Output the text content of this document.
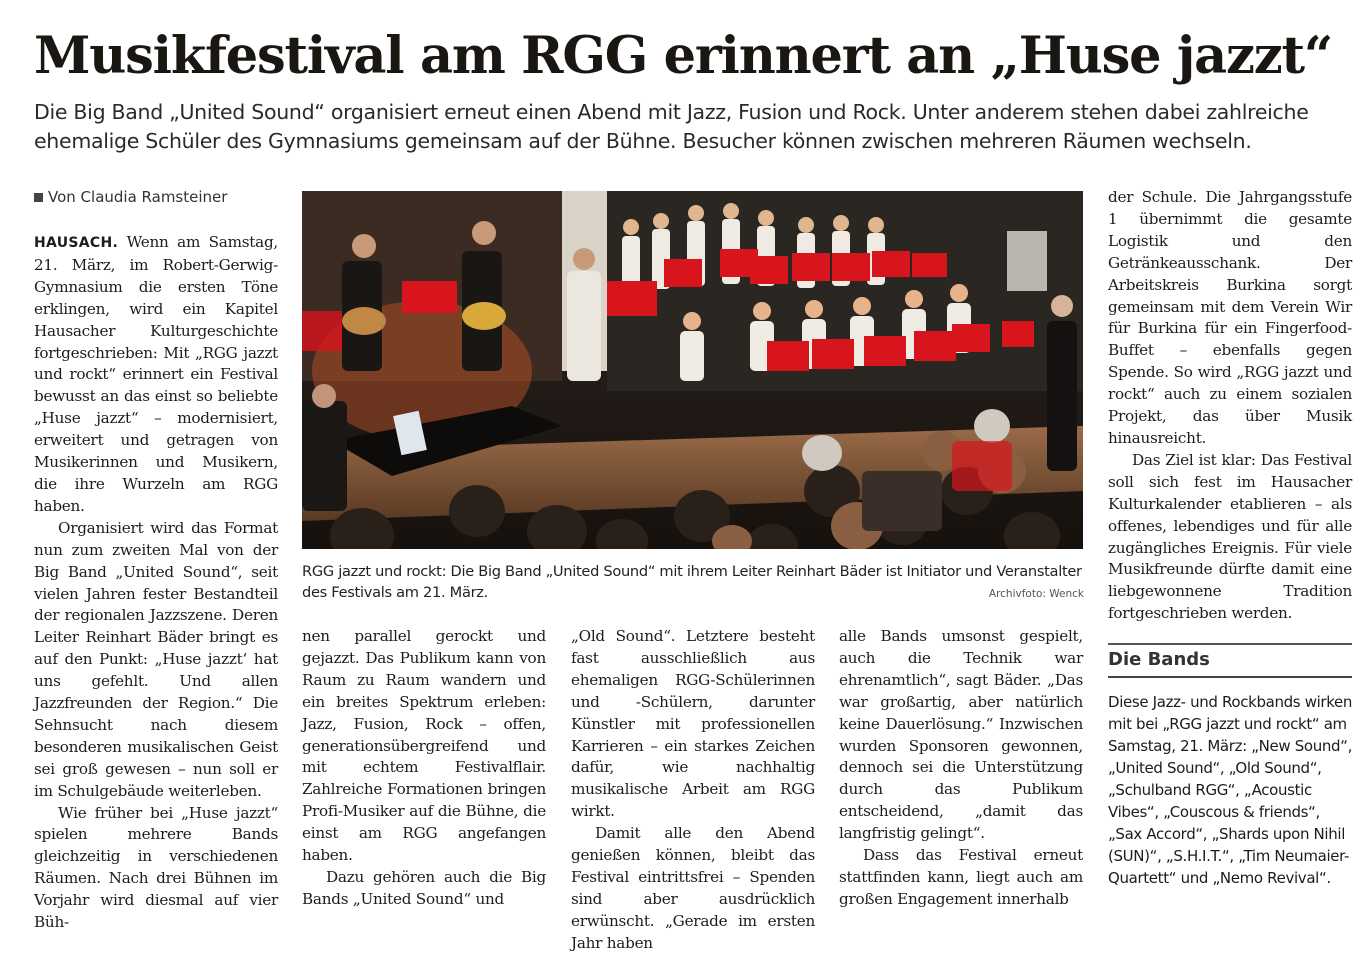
Musikfestival am RGG erinnert an „Huse jazzt“
Die Big Band „United Sound“ organisiert erneut einen Abend mit Jazz, Fusion und Rock. Unter anderem stehen dabei zahlreiche ehemalige Schüler des Gymnasiums gemeinsam auf der Bühne. Besucher können zwischen mehreren Räumen wechseln.
Von Claudia Ramsteiner

HAUSACH. Wenn am Samstag, 21. März, im Robert-Gerwig-Gymnasium die ersten Töne erklingen, wird ein Kapitel Hausacher Kulturgeschichte fortgeschrieben: Mit „RGG jazzt und rockt“ erinnert ein Festival bewusst an das einst so beliebte „Huse jazzt“ – modernisiert, erweitert und getragen von Musikerinnen und Musikern, die ihre Wurzeln am RGG haben.

Organisiert wird das Format nun zum zweiten Mal von der Big Band „United Sound“, seit vielen Jahren fester Bestandteil der regionalen Jazzszene. Deren Leiter Reinhart Bäder bringt es auf den Punkt: „Huse jazzt‘ hat uns gefehlt. Und allen Jazzfreunden der Region.“ Die Sehnsucht nach diesem besonderen musikalischen Geist sei groß gewesen – nun soll er im Schulgebäude weiterleben.

Wie früher bei „Huse jazzt“ spielen mehrere Bands gleichzeitig in verschiedenen Räumen. Nach drei Bühnen im Vorjahr wird diesmal auf vier Büh-

RGG jazzt und rockt: Die Big Band „United Sound“ mit ihrem Leiter Reinhart Bäder ist Initiator und Veranstalter des Festivals am 21. März.	Archivfoto: Wenck

nen parallel gerockt und gejazzt. Das Publikum kann von Raum zu Raum wandern und ein breites Spektrum erleben: Jazz, Fusion, Rock – offen, generationsübergreifend und mit echtem Festivalflair. Zahlreiche Formationen bringen Profi-Musiker auf die Bühne, die einst am RGG angefangen haben.

Dazu gehören auch die Big Bands „United Sound“ und

„Old Sound“. Letztere besteht fast ausschließlich aus ehemaligen RGG-Schülerinnen und -Schülern, darunter Künstler mit professionellen Karrieren – ein starkes Zeichen dafür, wie nachhaltig musikalische Arbeit am RGG wirkt.

Damit alle den Abend genießen können, bleibt das Festival eintrittsfrei – Spenden sind aber ausdrücklich erwünscht. „Gerade im ersten Jahr haben

alle Bands umsonst gespielt, auch die Technik war ehrenamtlich“, sagt Bäder. „Das war großartig, aber natürlich keine Dauerlösung.“ Inzwischen wurden Sponsoren gewonnen, dennoch sei die Unterstützung durch das Publikum entscheidend, „damit das langfristig gelingt“.

Dass das Festival erneut stattfinden kann, liegt auch am großen Engagement innerhalb

der Schule. Die Jahrgangsstufe 1 übernimmt die gesamte Logistik und den Getränkeausschank. Der Arbeitskreis Burkina sorgt gemeinsam mit dem Verein Wir für Burkina für ein Fingerfood-Buffet – ebenfalls gegen Spende. So wird „RGG jazzt und rockt“ auch zu einem sozialen Projekt, das über Musik hinausreicht.

Das Ziel ist klar: Das Festival soll sich fest im Hausacher Kulturkalender etablieren – als offenes, lebendiges und für alle zugängliches Ereignis. Für viele Musikfreunde dürfte damit eine liebgewonnene Tradition fortgeschrieben werden.

Die Bands
Diese Jazz- und Rockbands wirken mit bei „RGG jazzt und rockt“ am Samstag, 21. März: „New Sound“, „United Sound“, „Old Sound“, „Schulband RGG“, „Acoustic Vibes“, „Couscous & friends“, „Sax Accord“, „Shards upon Nihil (SUN)“, „S.H.I.T.“, „Tim Neumaier-Quartett“ und „Nemo Revival“.
